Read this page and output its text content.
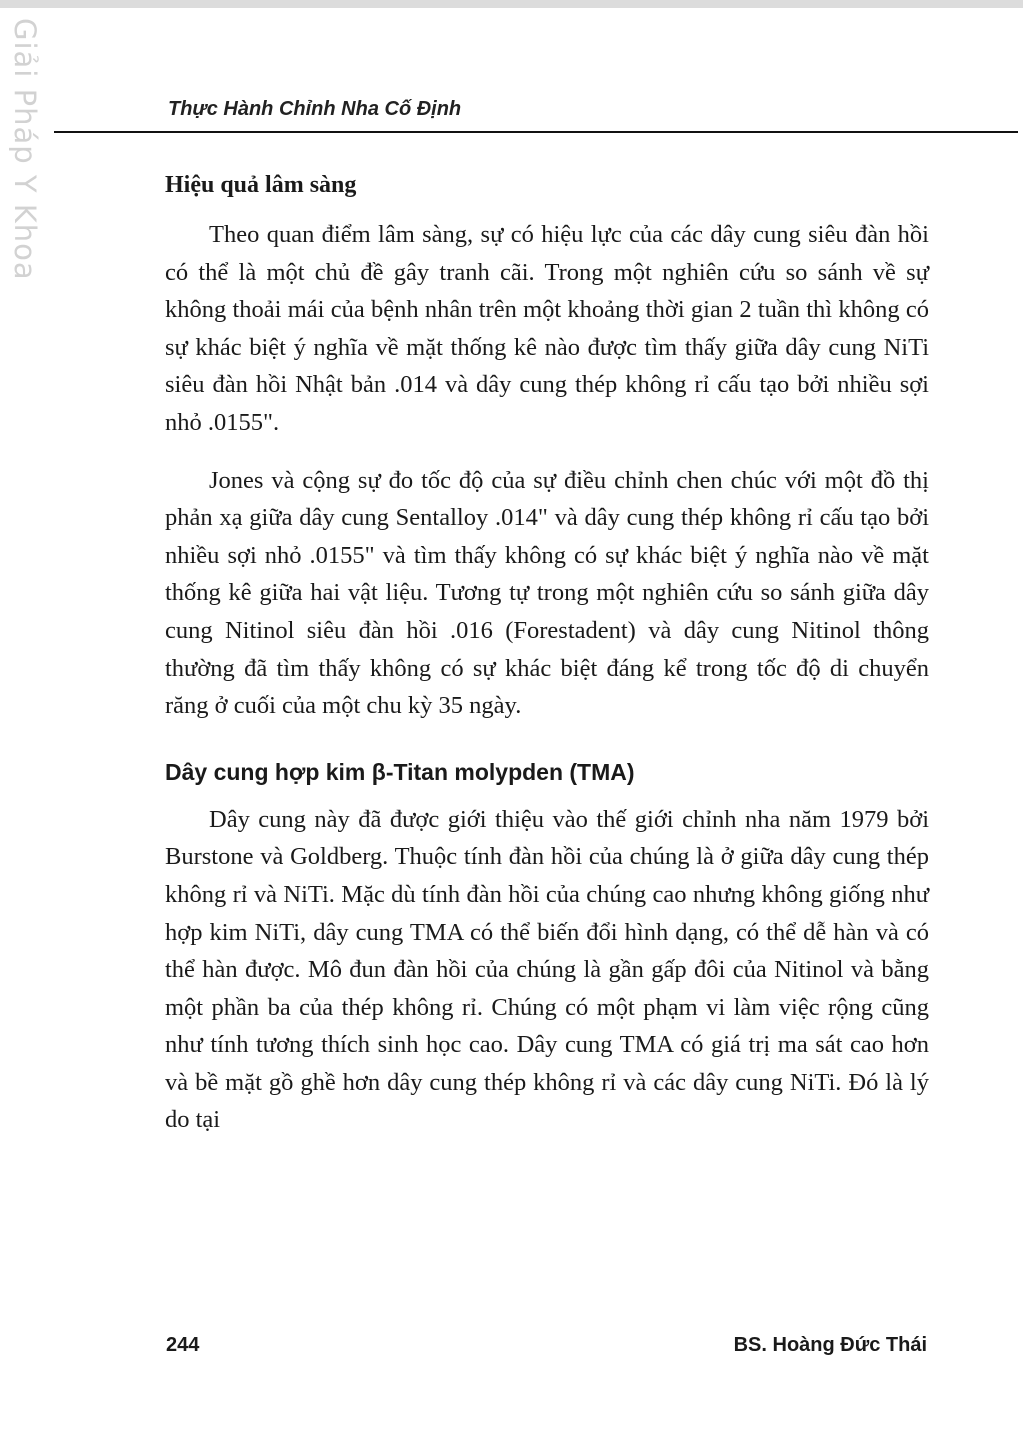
Giải Pháp Y Khoa	Thực Hành Chỉnh Nha Cố Định
Hiệu quả lâm sàng

Theo quan điểm lâm sàng, sự có hiệu lực của các dây cung siêu đàn hồi có thể là một chủ đề gây tranh cãi. Trong một nghiên cứu so sánh về sự không thoải mái của bệnh nhân trên một khoảng thời gian 2 tuần thì không có sự khác biệt ý nghĩa về mặt thống kê nào được tìm thấy giữa dây cung NiTi siêu đàn hồi Nhật bản .014 và dây cung thép không rỉ cấu tạo bởi nhiều sợi nhỏ .0155".

Jones và cộng sự đo tốc độ của sự điều chỉnh chen chúc với một đồ thị phản xạ giữa dây cung Sentalloy .014" và dây cung thép không rỉ cấu tạo bởi nhiều sợi nhỏ .0155" và tìm thấy không có sự khác biệt ý nghĩa nào về mặt thống kê giữa hai vật liệu. Tương tự trong một nghiên cứu so sánh giữa dây cung Nitinol siêu đàn hồi .016 (Forestadent) và dây cung Nitinol thông thường đã tìm thấy không có sự khác biệt đáng kể trong tốc độ di chuyển răng ở cuối của một chu kỳ 35 ngày.

Dây cung hợp kim β-Titan molypden (TMA)

Dây cung này đã được giới thiệu vào thế giới chỉnh nha năm 1979 bởi Burstone và Goldberg. Thuộc tính đàn hồi của chúng là ở giữa dây cung thép không rỉ và NiTi. Mặc dù tính đàn hồi của chúng cao nhưng không giống như hợp kim NiTi, dây cung TMA có thể biến đổi hình dạng, có thể dễ hàn và có thể hàn được. Mô đun đàn hồi của chúng là gần gấp đôi của Nitinol và bằng một phần ba của thép không rỉ. Chúng có một phạm vi làm việc rộng cũng như tính tương thích sinh học cao. Dây cung TMA có giá trị ma sát cao hơn và bề mặt gồ ghề hơn dây cung thép không rỉ và các dây cung NiTi. Đó là lý do tại

244	BS. Hoàng Đức Thái
